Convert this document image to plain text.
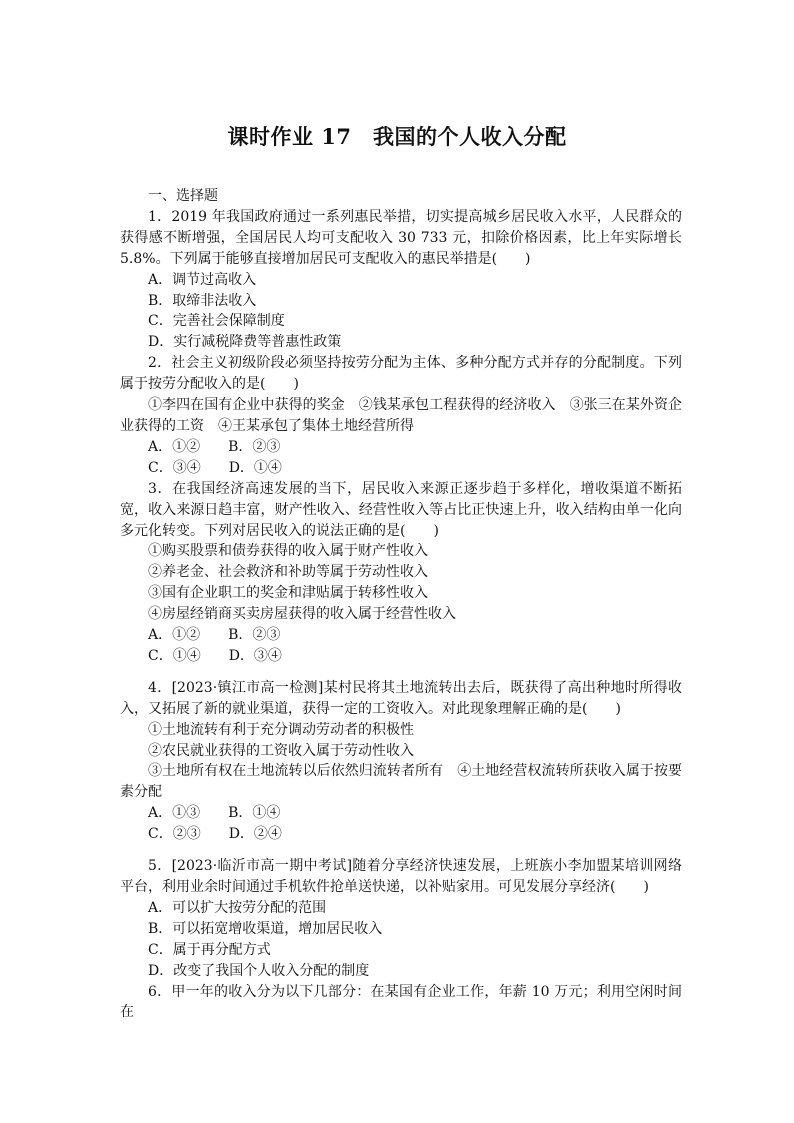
课时作业 17　我国的个人收入分配
一、选择题
1．2019 年我国政府通过一系列惠民举措，切实提高城乡居民收入水平，人民群众的获得感不断增强，全国居民人均可支配收入 30 733 元，扣除价格因素，比上年实际增长 5.8%。下列属于能够直接增加居民可支配收入的惠民举措是(　　)
A．调节过高收入
B．取缔非法收入
C．完善社会保障制度
D．实行减税降费等普惠性政策
2．社会主义初级阶段必须坚持按劳分配为主体、多种分配方式并存的分配制度。下列属于按劳分配收入的是(　　)
①李四在国有企业中获得的奖金　②钱某承包工程获得的经济收入　③张三在某外资企业获得的工资　④王某承包了集体土地经营所得
A．①②　　B．②③
C．③④　　D．①④
3．在我国经济高速发展的当下，居民收入来源正逐步趋于多样化，增收渠道不断拓宽，收入来源日趋丰富，财产性收入、经营性收入等占比正快速上升，收入结构由单一化向多元化转变。下列对居民收入的说法正确的是(　　)
①购买股票和债券获得的收入属于财产性收入
②养老金、社会救济和补助等属于劳动性收入
③国有企业职工的奖金和津贴属于转移性收入
④房屋经销商买卖房屋获得的收入属于经营性收入
A．①②　　B．②③
C．①④　　D．③④
4．[2023·镇江市高一检测]某村民将其土地流转出去后，既获得了高出种地时所得收入，又拓展了新的就业渠道，获得一定的工资收入。对此现象理解正确的是(　　)
①土地流转有利于充分调动劳动者的积极性
②农民就业获得的工资收入属于劳动性收入
③土地所有权在土地流转以后依然归流转者所有　④土地经营权流转所获收入属于按要素分配
A．①③　　B．①④
C．②③　　D．②④
5．[2023·临沂市高一期中考试]随着分享经济快速发展，上班族小李加盟某培训网络平台，利用业余时间通过手机软件抢单送快递，以补贴家用。可见发展分享经济(　　)
A．可以扩大按劳分配的范围
B．可以拓宽增收渠道，增加居民收入
C．属于再分配方式
D．改变了我国个人收入分配的制度
6．甲一年的收入分为以下几部分：在某国有企业工作，年薪 10 万元；利用空闲时间在
